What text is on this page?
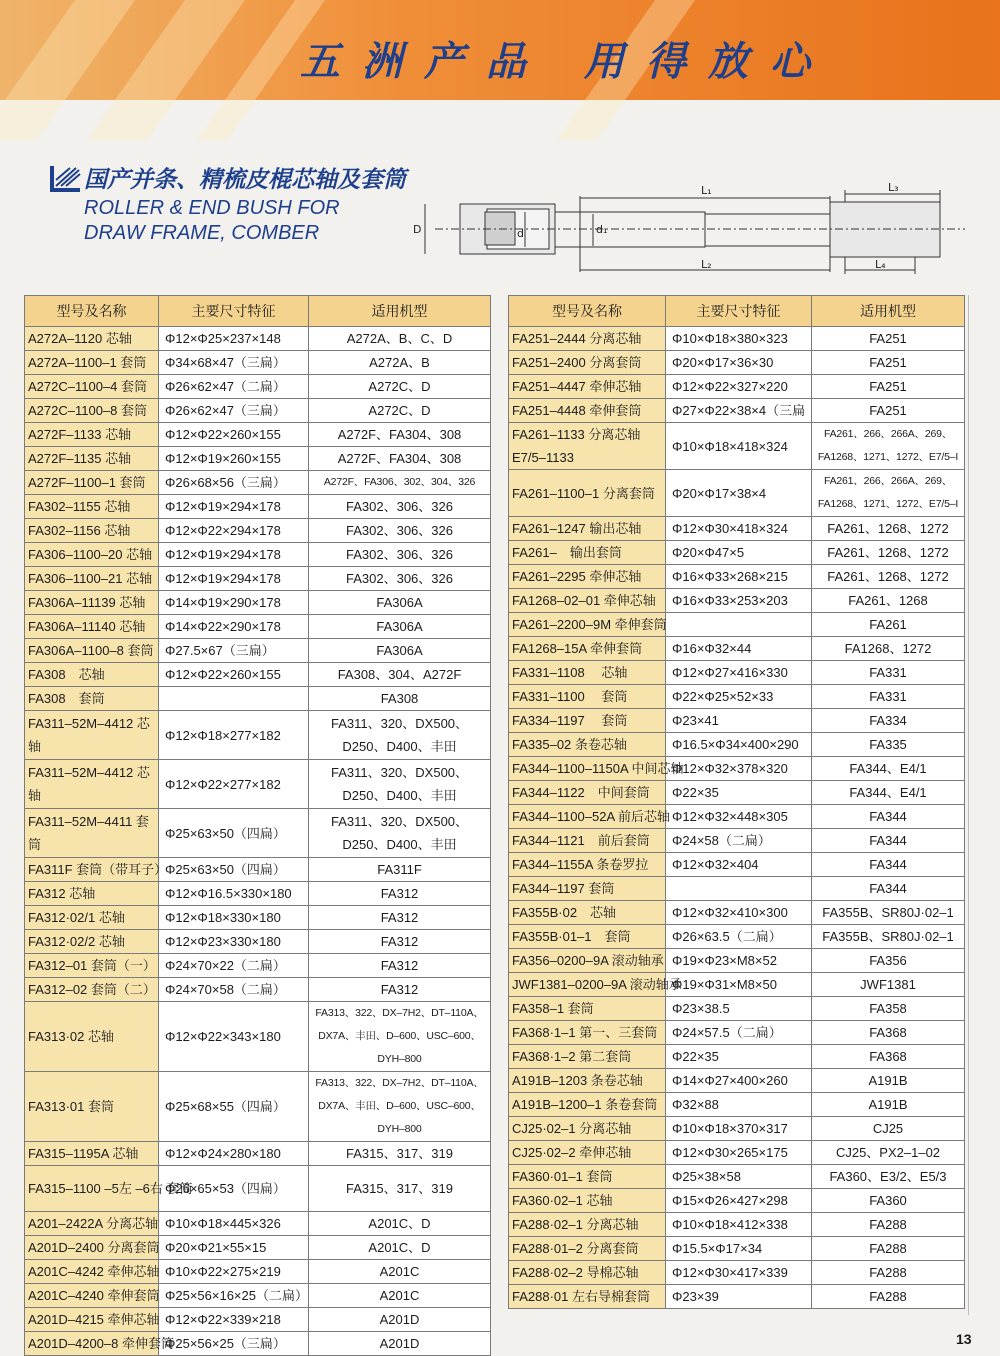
五洲产品 用得放心
国产并条、精梳皮棍芯轴及套筒
ROLLER & END BUSH FOR
DRAW FRAME, COMBER
L₁
L₂
L₃
L₄
D	d	d₁
型号及名称	主要尺寸特征	适用机型
A272A–1120 芯轴	Φ12×Φ25×237×148	A272A、B、C、D
A272A–1100–1 套筒	Φ34×68×47（三扁）	A272A、B
A272C–1100–4 套筒	Φ26×62×47（二扁）	A272C、D
A272C–1100–8 套筒	Φ26×62×47（三扁）	A272C、D
A272F–1133 芯轴	Φ12×Φ22×260×155	A272F、FA304、308
A272F–1135 芯轴	Φ12×Φ19×260×155	A272F、FA304、308
A272F–1100–1 套筒	Φ26×68×56（三扁）	A272F、FA306、302、304、326
FA302–1155 芯轴	Φ12×Φ19×294×178	FA302、306、326
FA302–1156 芯轴	Φ12×Φ22×294×178	FA302、306、326
FA306–1100–20 芯轴	Φ12×Φ19×294×178	FA302、306、326
FA306–1100–21 芯轴	Φ12×Φ19×294×178	FA302、306、326
FA306A–11139 芯轴	Φ14×Φ19×290×178	FA306A
FA306A–11140 芯轴	Φ14×Φ22×290×178	FA306A
FA306A–1100–8 套筒	Φ27.5×67（三扁）	FA306A
FA308　芯轴	Φ12×Φ22×260×155	FA308、304、A272F
FA308　套筒		FA308
FA311–52M–4412 芯轴	Φ12×Φ18×277×182	FA311、320、DX500、D250、D400、丰田
FA311–52M–4412 芯轴	Φ12×Φ22×277×182	FA311、320、DX500、D250、D400、丰田
FA311–52M–4411 套筒	Φ25×63×50（四扁）	FA311、320、DX500、D250、D400、丰田
FA311F 套筒（带耳子）	Φ25×63×50（四扁）	FA311F
FA312 芯轴	Φ12×Φ16.5×330×180	FA312
FA312·02/1 芯轴	Φ12×Φ18×330×180	FA312
FA312·02/2 芯轴	Φ12×Φ23×330×180	FA312
FA312–01 套筒（一）	Φ24×70×22（二扁）	FA312
FA312–02 套筒（二）	Φ24×70×58（二扁）	FA312
FA313·02 芯轴	Φ12×Φ22×343×180	FA313、322、DX–7H2、DT–110A、DX7A、丰田、D–600、USC–600、DYH–800
FA313·01 套筒	Φ25×68×55（四扁）	FA313、322、DX–7H2、DT–110A、DX7A、丰田、D–600、USC–600、DYH–800
FA315–1195A 芯轴	Φ12×Φ24×280×180	FA315、317、319
FA315–1100 –5左 –6右 套筒	Φ26×65×53（四扁）	FA315、317、319
A201–2422A 分离芯轴	Φ10×Φ18×445×326	A201C、D
A201D–2400 分离套筒	Φ20×Φ21×55×15	A201C、D
A201C–4242 牵伸芯轴	Φ10×Φ22×275×219	A201C
A201C–4240 牵伸套筒	Φ25×56×16×25（二扁）	A201C
A201D–4215 牵伸芯轴	Φ12×Φ22×339×218	A201D
A201D–4200–8 牵伸套筒	Φ25×56×25（三扁）	A201D
型号及名称	主要尺寸特征	适用机型
FA251–2444 分离芯轴	Φ10×Φ18×380×323	FA251
FA251–2400 分离套筒	Φ20×Φ17×36×30	FA251
FA251–4447 牵伸芯轴	Φ12×Φ22×327×220	FA251
FA251–4448 牵伸套筒	Φ27×Φ22×38×4（三扁	FA251
FA261–1133 分离芯轴 E7/5–1133	Φ10×Φ18×418×324	FA261、266、266A、269、FA1268、1271、1272、E7/5–I
FA261–1100–1 分离套筒	Φ20×Φ17×38×4	FA261、266、266A、269、FA1268、1271、1272、E7/5–I
FA261–1247 输出芯轴	Φ12×Φ30×418×324	FA261、1268、1272
FA261–　输出套筒	Φ20×Φ47×5	FA261、1268、1272
FA261–2295 牵伸芯轴	Φ16×Φ33×268×215	FA261、1268、1272
FA1268–02–01 牵伸芯轴	Φ16×Φ33×253×203	FA261、1268
FA261–2200–9M 牵伸套筒		FA261
FA1268–15A 牵伸套筒	Φ16×Φ32×44	FA1268、1272
FA331–1108　 芯轴	Φ12×Φ27×416×330	FA331
FA331–1100　 套筒	Φ22×Φ25×52×33	FA331
FA334–1197　 套筒	Φ23×41	FA334
FA335–02 条卷芯轴	Φ16.5×Φ34×400×290	FA335
FA344–1100–1150A 中间芯轴	Φ12×Φ32×378×320	FA344、E4/1
FA344–1122　中间套筒	Φ22×35	FA344、E4/1
FA344–1100–52A 前后芯轴	Φ12×Φ32×448×305	FA344
FA344–1121　前后套筒	Φ24×58（二扁）	FA344
FA344–1155A 条卷罗拉	Φ12×Φ32×404	FA344
FA344–1197 套筒		FA344
FA355B·02　芯轴	Φ12×Φ32×410×300	FA355B、SR80J·02–1
FA355B·01–1　套筒	Φ26×63.5（二扁）	FA355B、SR80J·02–1
FA356–0200–9A 滚动轴承	Φ19×Φ23×M8×52	FA356
JWF1381–0200–9A 滚动轴承	Φ19×Φ31×M8×50	JWF1381
FA358–1 套筒	Φ23×38.5	FA358
FA368·1–1 第一、三套筒	Φ24×57.5（二扁）	FA368
FA368·1–2 第二套筒	Φ22×35	FA368
A191B–1203 条卷芯轴	Φ14×Φ27×400×260	A191B
A191B–1200–1 条卷套筒	Φ32×88	A191B
CJ25·02–1 分离芯轴	Φ10×Φ18×370×317	CJ25
CJ25·02–2 牵伸芯轴	Φ12×Φ30×265×175	CJ25、PX2–1–02
FA360·01–1 套筒	Φ25×38×58	FA360、E3/2、E5/3
FA360·02–1 芯轴	Φ15×Φ26×427×298	FA360
FA288·02–1 分离芯轴	Φ10×Φ18×412×338	FA288
FA288·01–2 分离套筒	Φ15.5×Φ17×34	FA288
FA288·02–2 导棉芯轴	Φ12×Φ30×417×339	FA288
FA288·01 左右导棉套筒	Φ23×39	FA288
13
